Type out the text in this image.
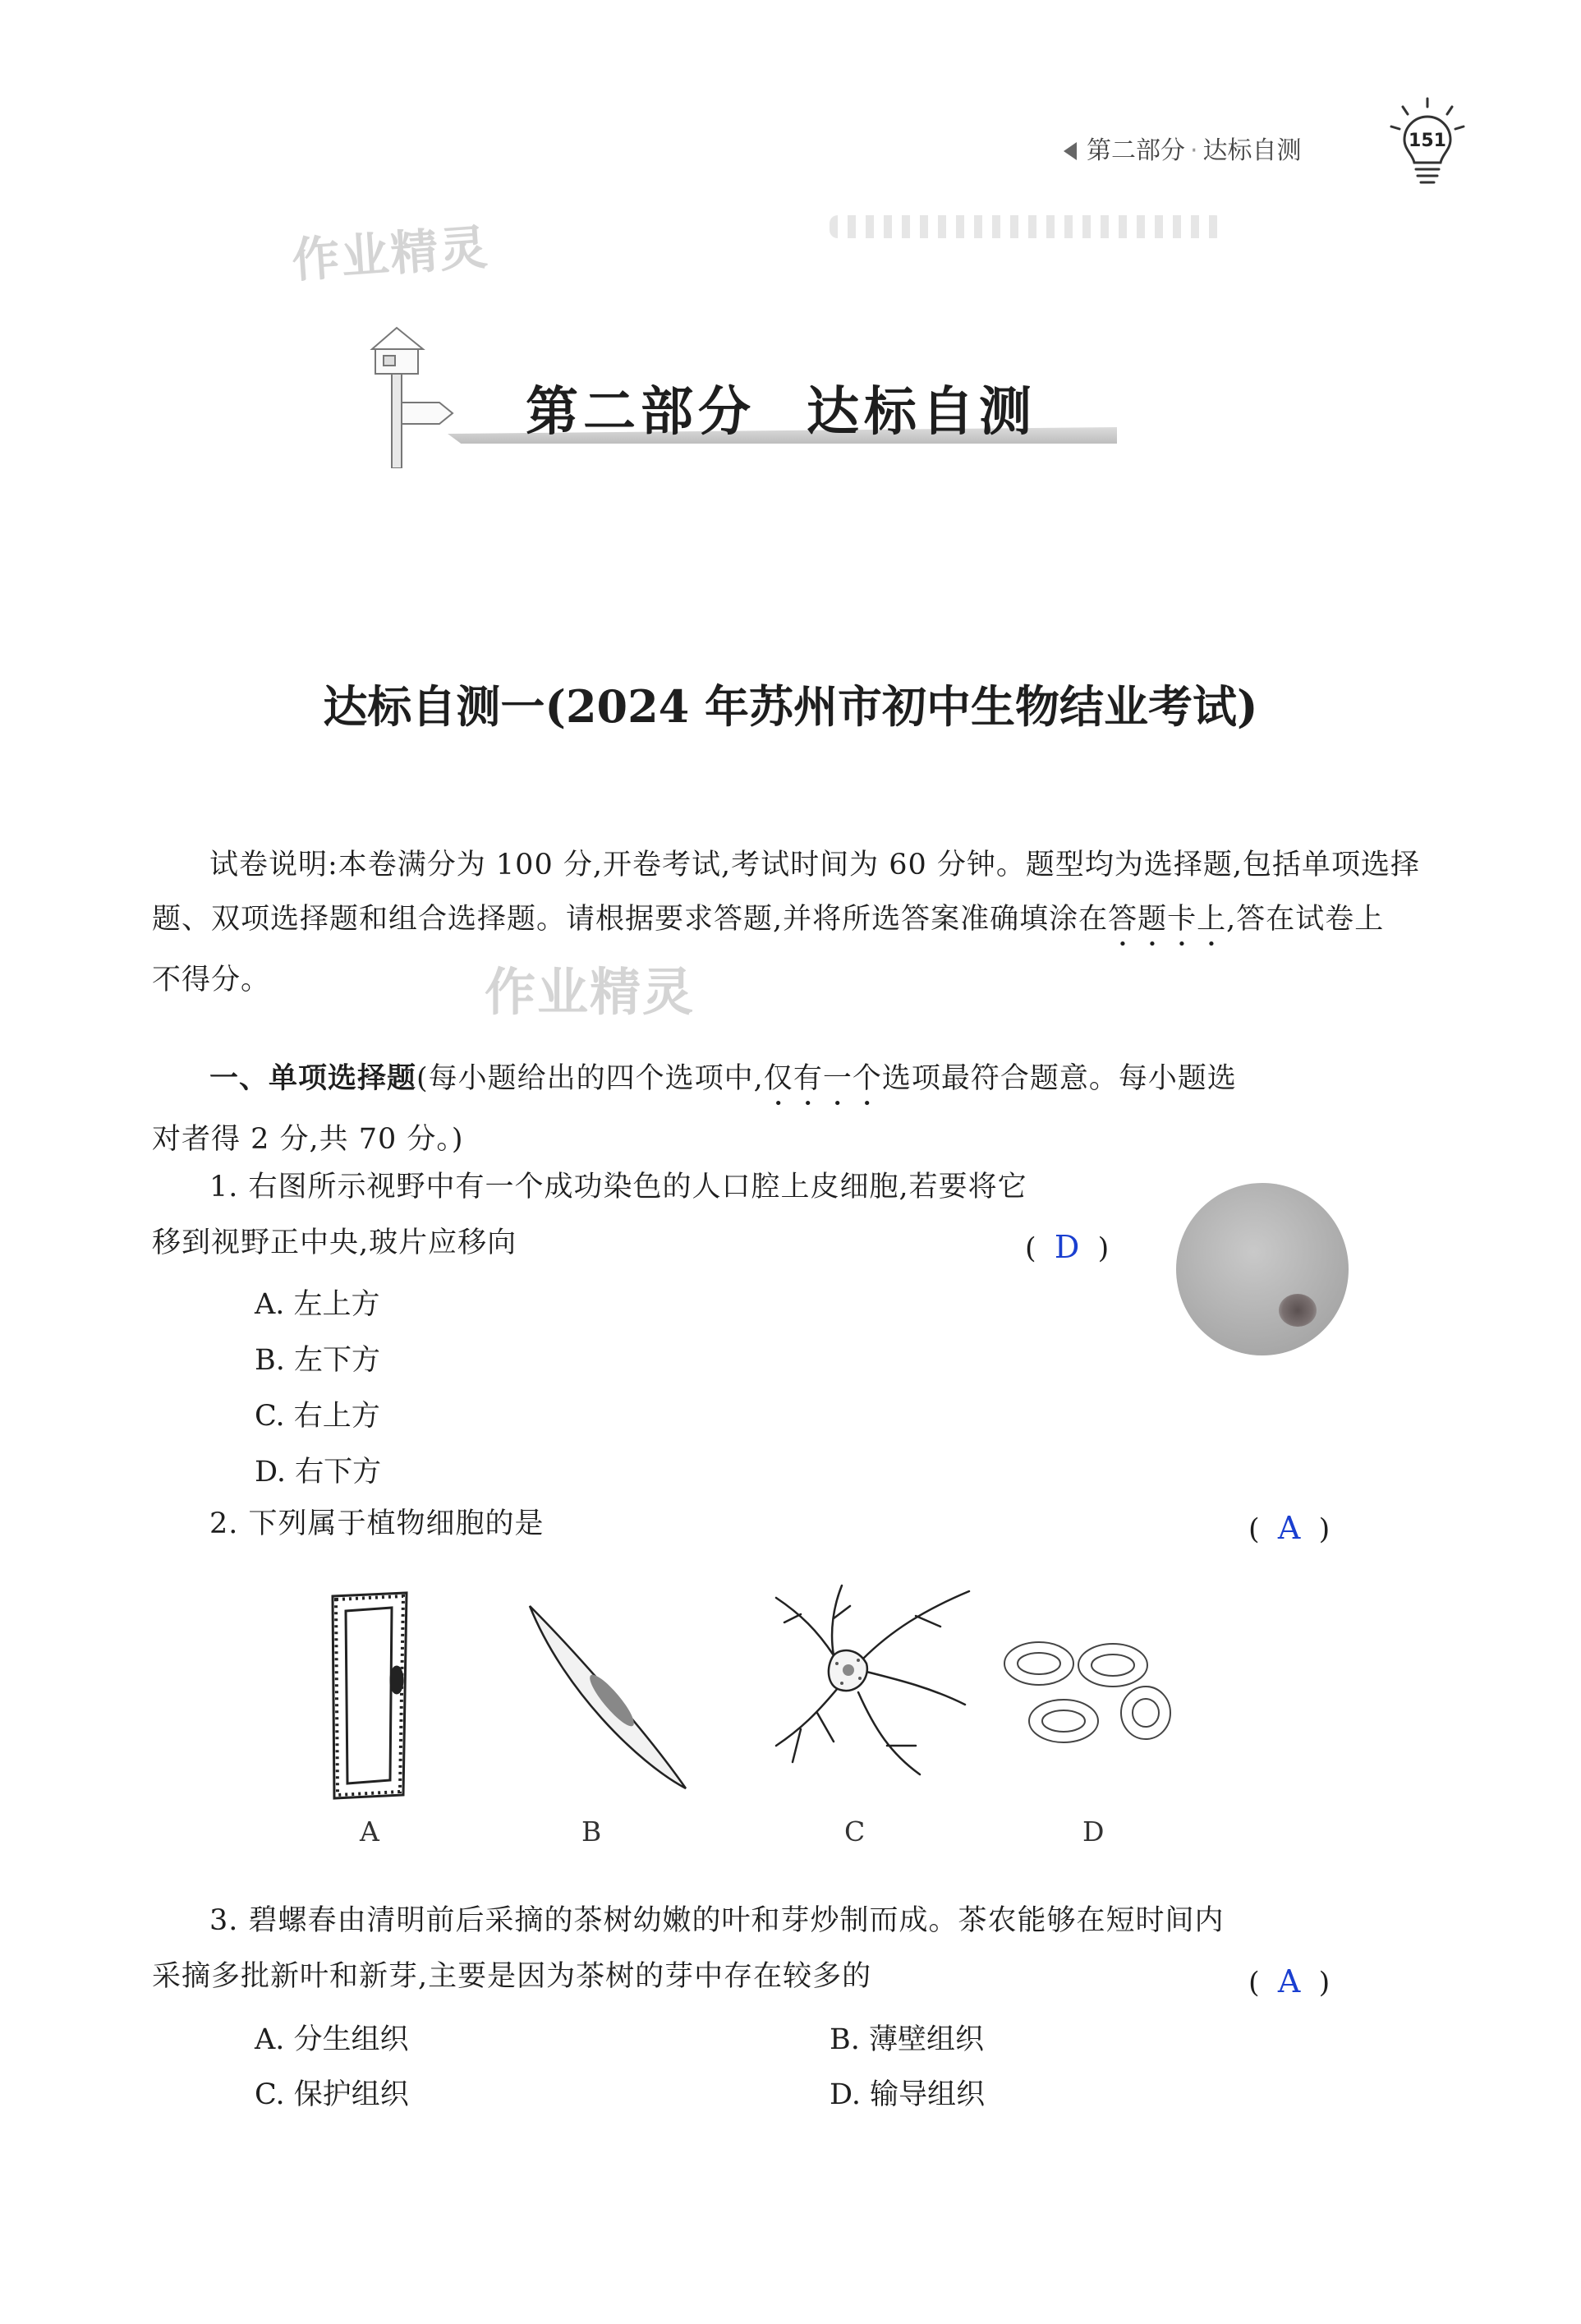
第二部分 · 达标自测	151
作业精灵
作业精灵
第二部分 达标自测
达标自测一(2024 年苏州市初中生物结业考试)
试卷说明:本卷满分为 100 分,开卷考试,考试时间为 60 分钟。题型均为选择题,包括单项选择
题、双项选择题和组合选择题。请根据要求答题,并将所选答案准确填涂在答题卡上,答在试卷上
不得分。
一、单项选择题(每小题给出的四个选项中,仅有一个选项最符合题意。每小题选
对者得 2 分,共 70 分。)
1. 右图所示视野中有一个成功染色的人口腔上皮细胞,若要将它
移到视野正中央,玻片应移向	(  D  )
A. 左上方
B. 左下方
C. 右上方
D. 右下方
2. 下列属于植物细胞的是	(  A  )
A	B	C	D
3. 碧螺春由清明前后采摘的茶树幼嫩的叶和芽炒制而成。茶农能够在短时间内
采摘多批新叶和新芽,主要是因为茶树的芽中存在较多的	(  A  )
A. 分生组织	B. 薄壁组织
C. 保护组织	D. 输导组织
